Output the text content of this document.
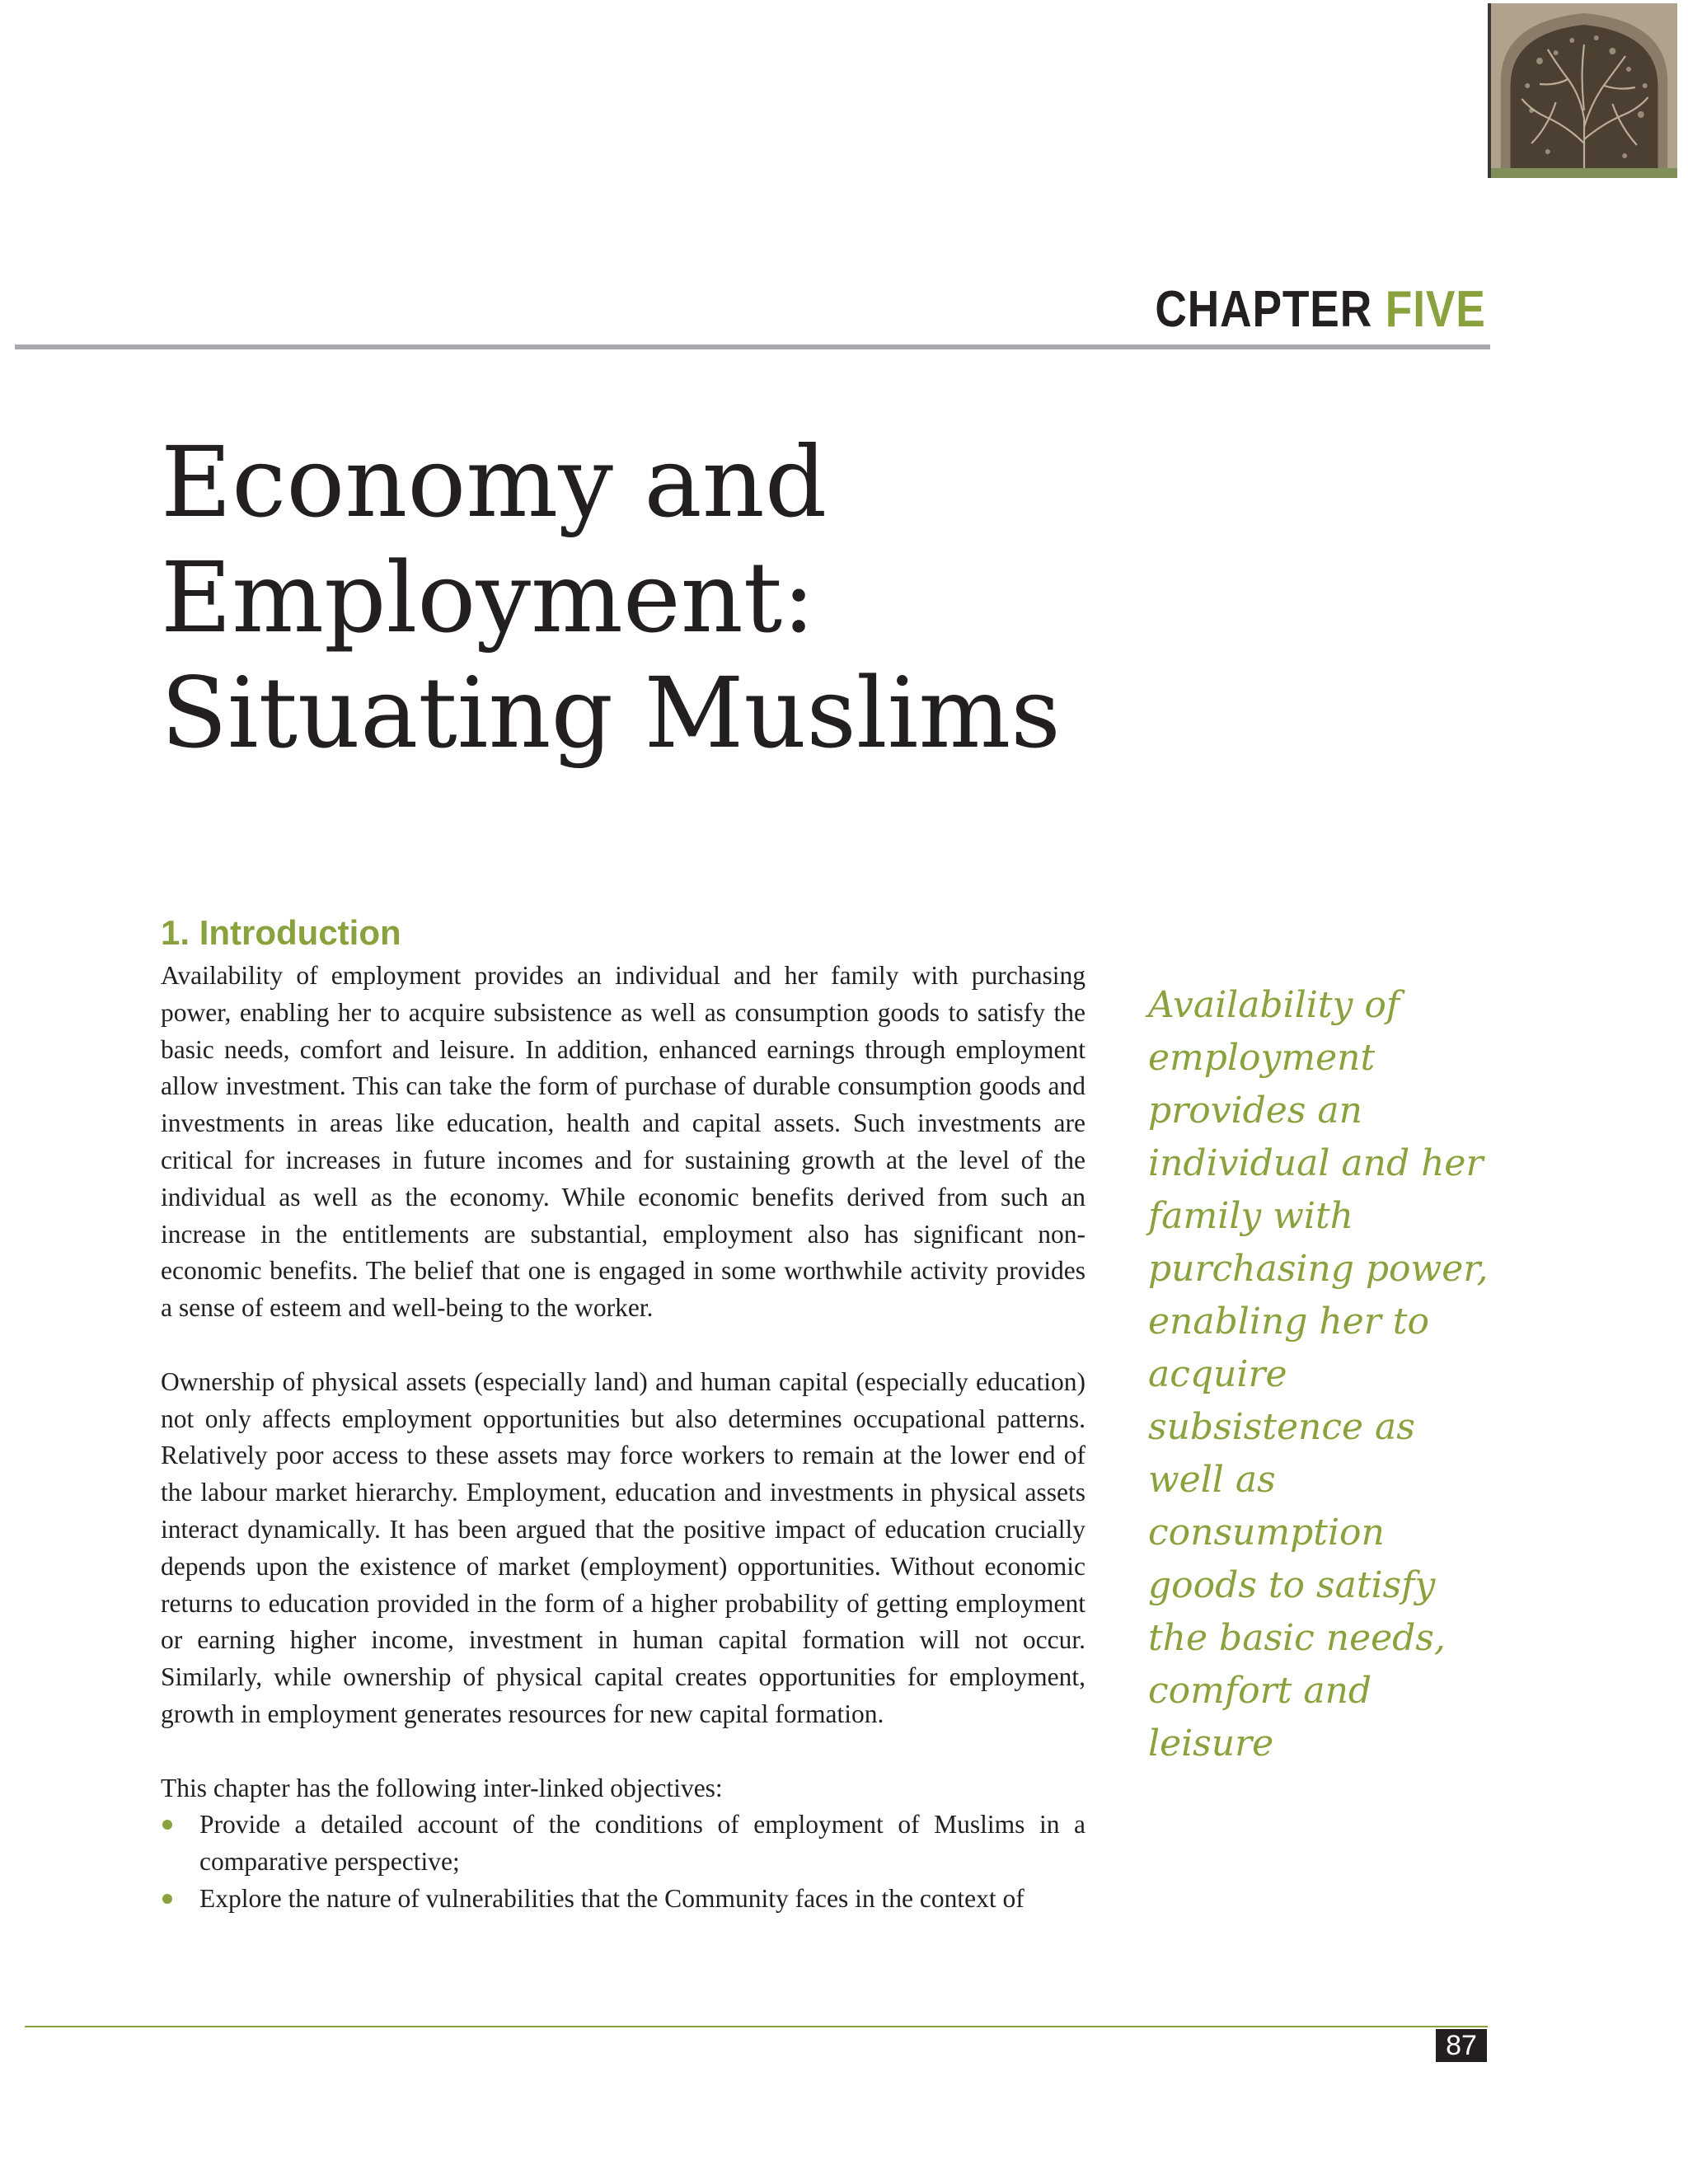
CHAPTER FIVE
Economy and
Employment:
Situating Muslims
1. Introduction

Availability of employment provides an individual and her family with purchasing power, enabling her to acquire subsistence as well as consumption goods to satisfy the basic needs, comfort and leisure. In addition, enhanced earnings through employment allow investment. This can take the form of purchase of durable consumption goods and investments in areas like education, health and capital assets. Such investments are critical for increases in future incomes and for sustaining growth at the level of the individual as well as the economy. While economic benefits derived from such an increase in the entitlements are substantial, employment also has significant non-economic benefits. The belief that one is engaged in some worthwhile activity provides a sense of esteem and well-being to the worker.

Ownership of physical assets (especially land) and human capital (especially education) not only affects employment opportunities but also determines occupational patterns. Relatively poor access to these assets may force workers to remain at the lower end of the labour market hierarchy. Employment, education and investments in physical assets interact dynamically. It has been argued that the positive impact of education crucially depends upon the existence of market (employment) opportunities. Without economic returns to education provided in the form of a higher probability of getting employment or earning higher income, investment in human capital formation will not occur. Similarly, while ownership of physical capital creates opportunities for employment, growth in employment generates resources for new capital formation.

This chapter has the following inter-linked objectives:

Provide a detailed account of the conditions of employment of Muslims in a comparative perspective;
Explore the nature of vulnerabilities that the Community faces in the context of

Availability of employment provides an individual and her family with purchasing power, enabling her to acquire subsistence as well as consumption goods to satisfy the basic needs, comfort and leisure

87
